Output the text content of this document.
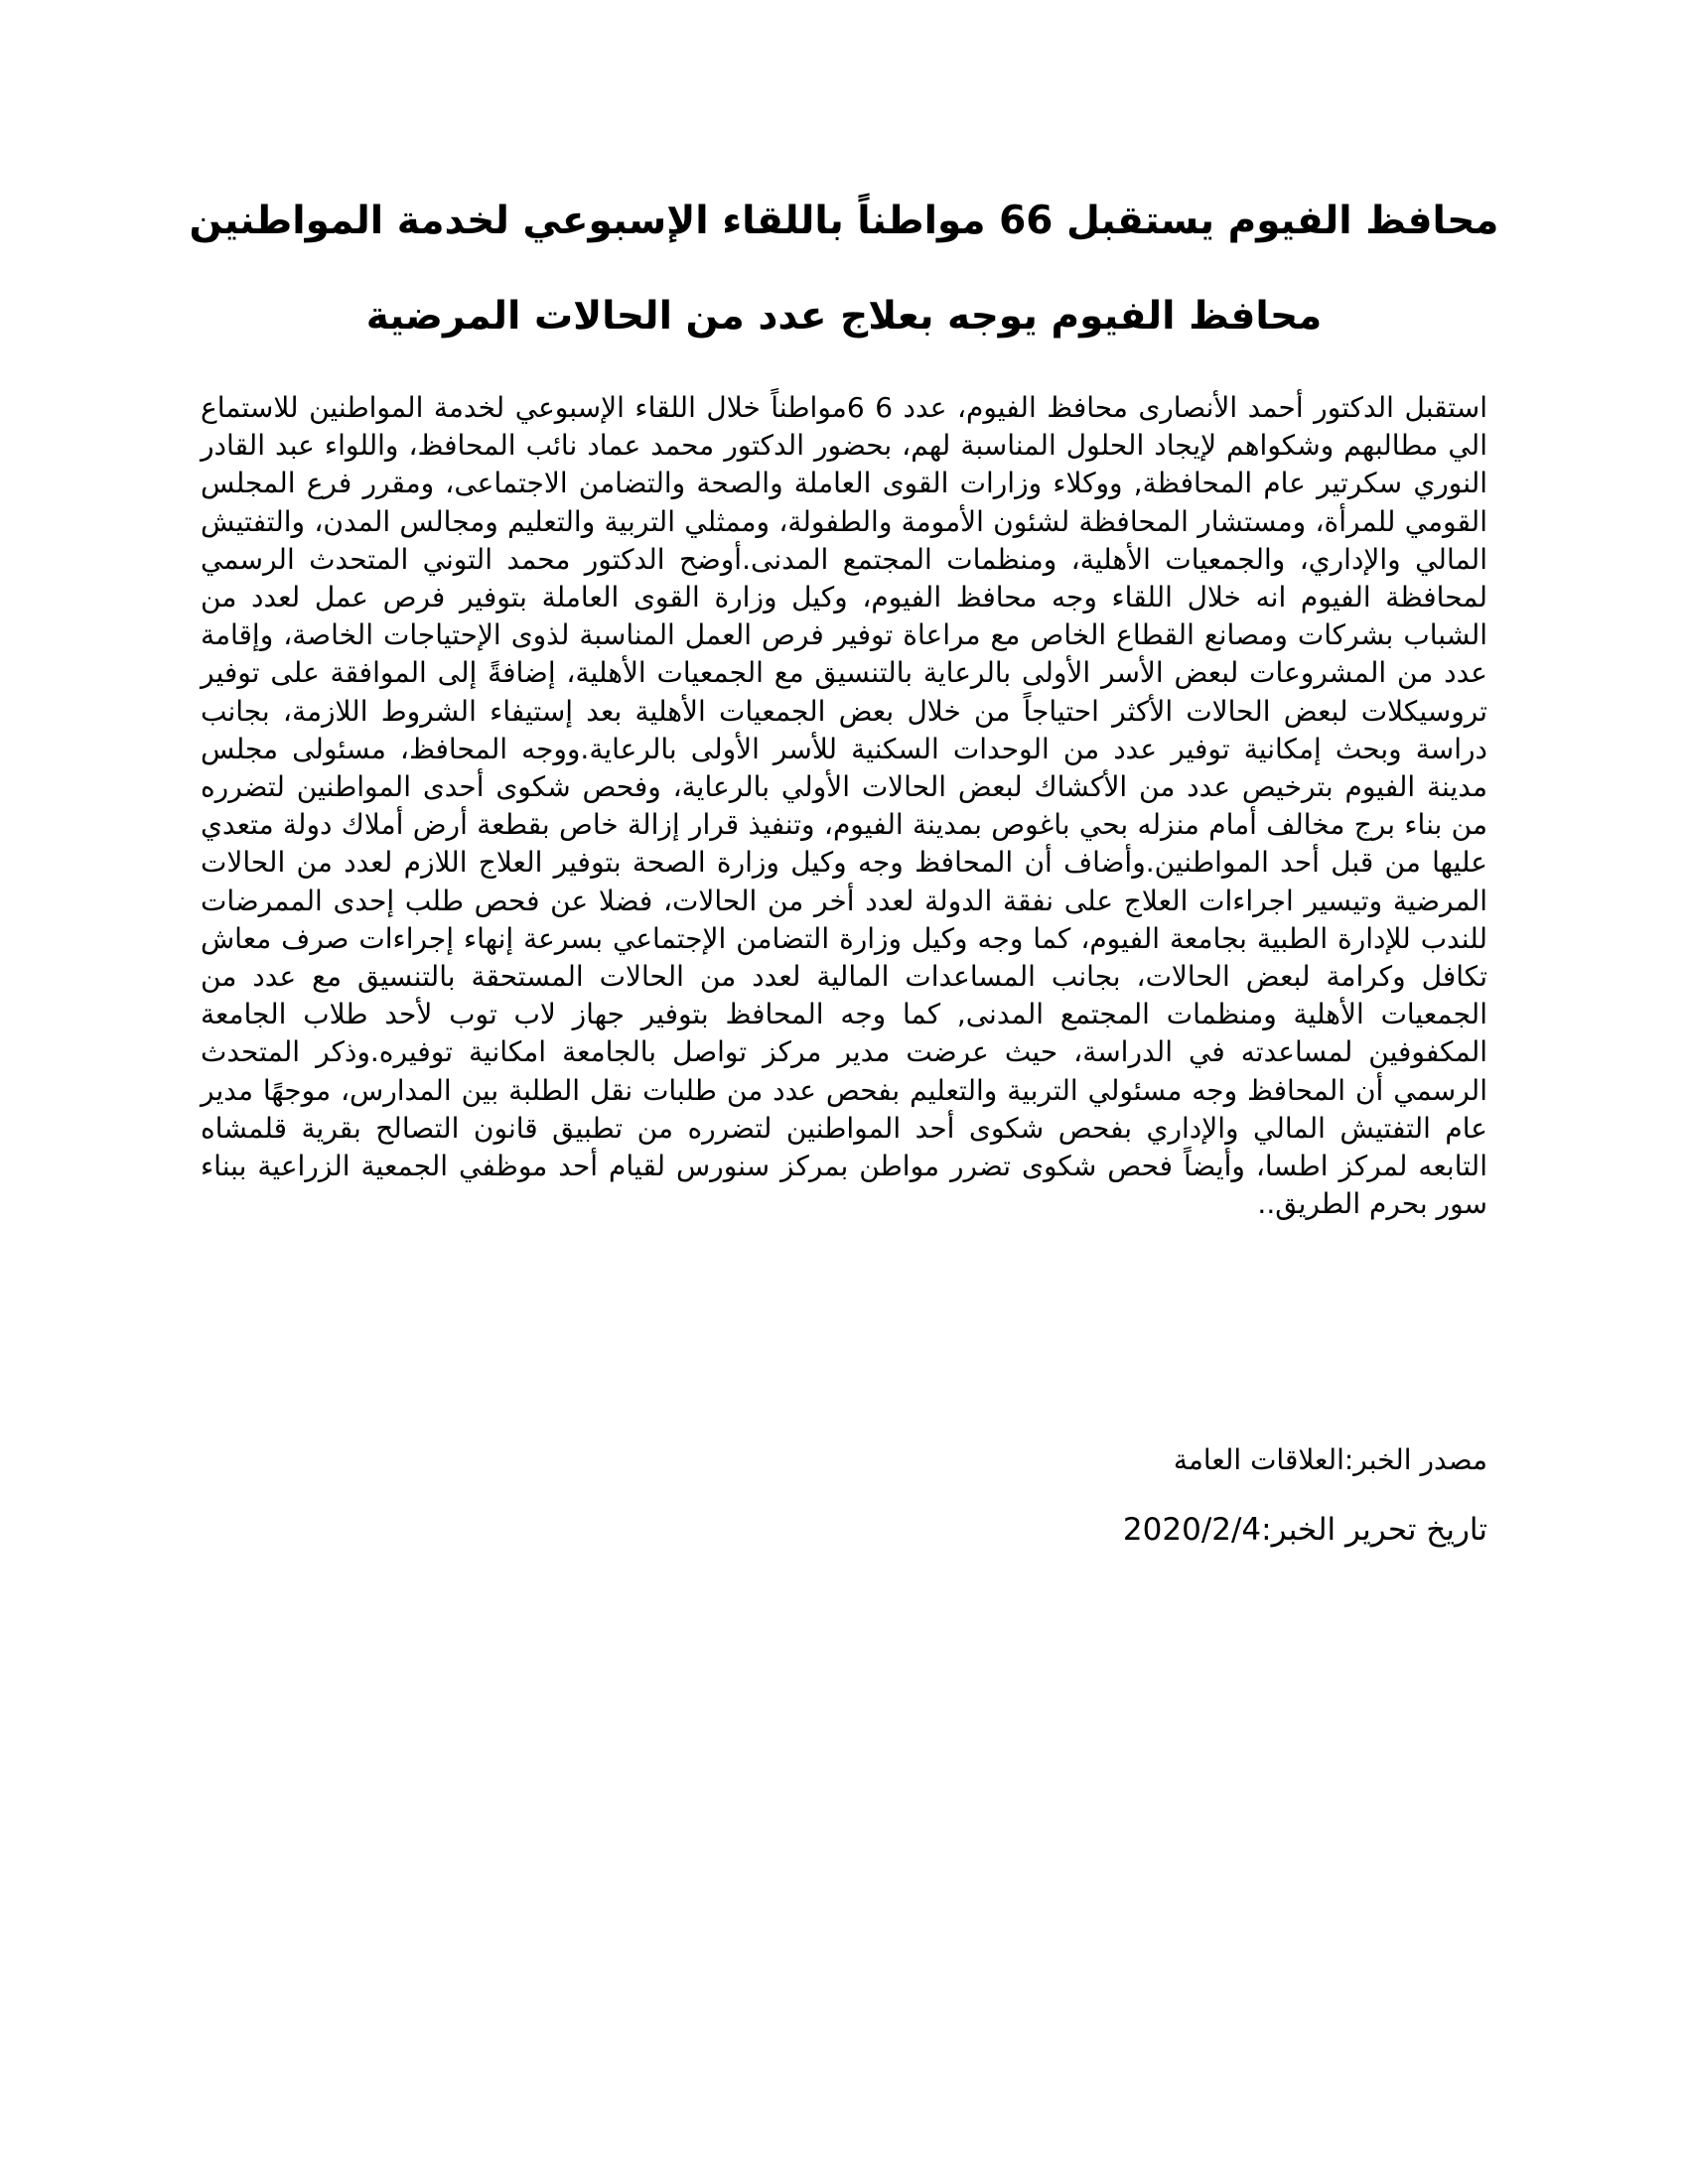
محافظ الفيوم يستقبل 66 مواطناً باللقاء الإسبوعي لخدمة المواطنين
محافظ الفيوم يوجه بعلاج عدد من الحالات المرضية

استقبل الدكتور أحمد الأنصارى محافظ الفيوم، عدد 6 6مواطناً خلال اللقاء الإسبوعي لخدمة المواطنين للاستماع الي مطالبهم وشكواهم لإيجاد الحلول المناسبة لهم، بحضور الدكتور محمد عماد نائب المحافظ، واللواء عبد القادر النوري سكرتير عام المحافظة, ووكلاء وزارات القوى العاملة والصحة والتضامن الاجتماعى، ومقرر فرع المجلس القومي للمرأة، ومستشار المحافظة لشئون الأمومة والطفولة، وممثلي التربية والتعليم ومجالس المدن، والتفتيش المالي والإداري، والجمعيات الأهلية، ومنظمات المجتمع المدنى.أوضح الدكتور محمد التوني المتحدث الرسمي لمحافظة الفيوم انه خلال اللقاء وجه محافظ الفيوم، وكيل وزارة القوى العاملة بتوفير فرص عمل لعدد من الشباب بشركات ومصانع القطاع الخاص مع مراعاة توفير فرص العمل المناسبة لذوى الإحتياجات الخاصة، وإقامة عدد من المشروعات لبعض الأسر الأولى بالرعاية بالتنسيق مع الجمعيات الأهلية، إضافةً إلى الموافقة على توفير تروسيكلات لبعض الحالات الأكثر احتياجاً من خلال بعض الجمعيات الأهلية بعد إستيفاء الشروط اللازمة، بجانب دراسة وبحث إمكانية توفير عدد من الوحدات السكنية للأسر الأولى بالرعاية.ووجه المحافظ، مسئولى مجلس مدينة الفيوم بترخيص عدد من الأكشاك لبعض الحالات الأولي بالرعاية، وفحص شكوى أحدى المواطنين لتضرره من بناء برج مخالف أمام منزله بحي باغوص بمدينة الفيوم، وتنفيذ قرار إزالة خاص بقطعة أرض أملاك دولة متعدي عليها من قبل أحد المواطنين.وأضاف أن المحافظ وجه وكيل وزارة الصحة بتوفير العلاج اللازم لعدد من الحالات المرضية وتيسير اجراءات العلاج على نفقة الدولة لعدد أخر من الحالات، فضلا عن فحص طلب إحدى الممرضات للندب للإدارة الطبية بجامعة الفيوم، كما وجه وكيل وزارة التضامن الإجتماعي بسرعة إنهاء إجراءات صرف معاش تكافل وكرامة لبعض الحالات، بجانب المساعدات المالية لعدد من الحالات المستحقة بالتنسيق مع عدد من الجمعيات الأهلية ومنظمات المجتمع المدنى, كما وجه المحافظ بتوفير جهاز لاب توب لأحد طلاب الجامعة المكفوفين لمساعدته في الدراسة، حيث عرضت مدير مركز تواصل بالجامعة امكانية توفيره.وذكر المتحدث الرسمي أن المحافظ وجه مسئولي التربية والتعليم بفحص عدد من طلبات نقل الطلبة بين المدارس، موجهًا مدير عام التفتيش المالي والإداري بفحص شكوى أحد المواطنين لتضرره من تطبيق قانون التصالح بقرية قلمشاه التابعه لمركز اطسا، وأيضاً فحص شكوى تضرر مواطن بمركز سنورس لقيام أحد موظفي الجمعية الزراعية ببناء سور بحرم الطريق..

مصدر الخبر:العلاقات العامة

تاريخ تحرير الخبر:2020/2/4
